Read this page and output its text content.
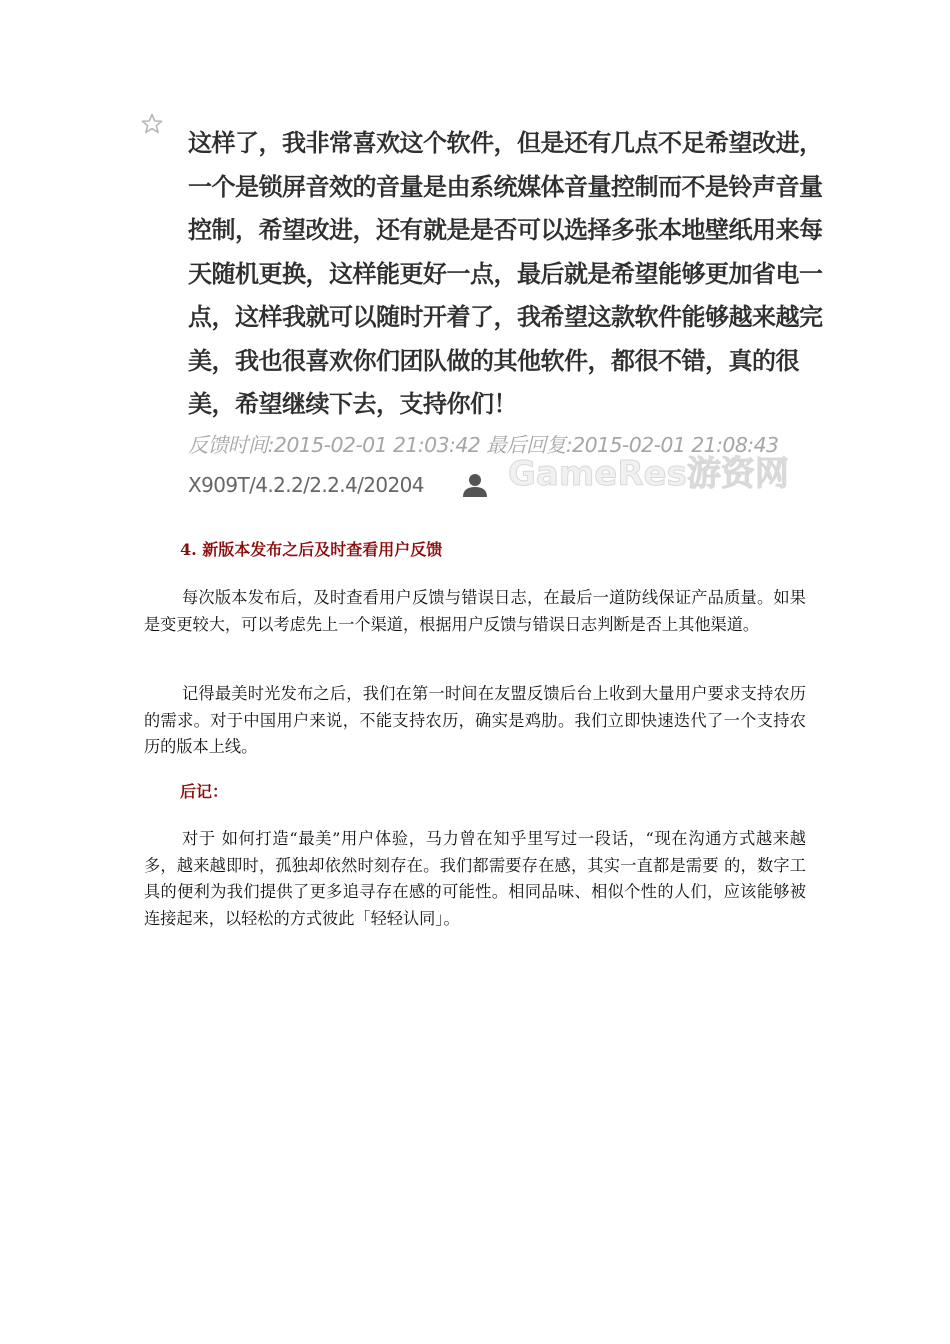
这样了，我非常喜欢这个软件，但是还有几点不足希望改进，一个是锁屏音效的音量是由系统媒体音量控制而不是铃声音量控制，希望改进，还有就是是否可以选择多张本地壁纸用来每天随机更换，这样能更好一点，最后就是希望能够更加省电一点，这样我就可以随时开着了，我希望这款软件能够越来越完美，我也很喜欢你们团队做的其他软件，都很不错，真的很美，希望继续下去，支持你们！

反馈时间:2015-02-01 21:03:42 最后回复:2015-02-01 21:08:43
X909T/4.2.2/2.2.4/20204 GameRes游资网
4. 新版本发布之后及时查看用户反馈

每次版本发布后，及时查看用户反馈与错误日志，在最后一道防线保证产品质量。如果是变更较大，可以考虑先上一个渠道，根据用户反馈与错误日志判断是否上其他渠道。

记得最美时光发布之后，我们在第一时间在友盟反馈后台上收到大量用户要求支持农历的需求。对于中国用户来说，不能支持农历，确实是鸡肋。我们立即快速迭代了一个支持农历的版本上线。

后记：

对于 如何打造“最美”用户体验，马力曾在知乎里写过一段话，“现在沟通方式越来越多，越来越即时，孤独却依然时刻存在。我们都需要存在感，其实一直都是需要 的，数字工具的便利为我们提供了更多追寻存在感的可能性。相同品味、相似个性的人们，应该能够被连接起来，以轻松的方式彼此「轻轻认同」。
